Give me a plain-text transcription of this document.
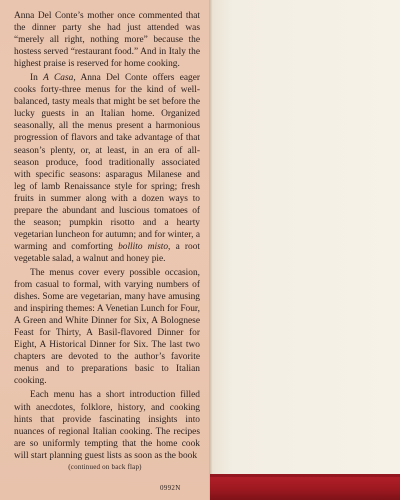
Anna Del Conte’s mother once commented that the dinner party she had just attended was “merely all right, nothing more” because the hostess served “restaurant food.” And in Italy the highest praise is reserved for home cooking.

In A Casa, Anna Del Conte offers eager cooks forty-three menus for the kind of well-balanced, tasty meals that might be set before the lucky guests in an Italian home. Organized seasonally, all the menus present a harmonious progression of flavors and take advantage of that season’s plenty, or, at least, in an era of all-season produce, food traditionally associated with specific seasons: asparagus Milanese and leg of lamb Renaissance style for spring; fresh fruits in summer along with a dozen ways to prepare the abundant and luscious tomatoes of the season; pumpkin risotto and a hearty vegetarian luncheon for autumn; and for winter, a warming and comforting bollito misto, a root vegetable salad, a walnut and honey pie.

The menus cover every possible occasion, from casual to formal, with varying numbers of dishes. Some are vegetarian, many have amusing and inspiring themes: A Venetian Lunch for Four, A Green and White Dinner for Six, A Bolognese Feast for Thirty, A Basil-flavored Dinner for Eight, A Historical Dinner for Six. The last two chapters are devoted to the author’s favorite menus and to preparations basic to Italian cooking.

Each menu has a short introduction filled with anecdotes, folklore, history, and cooking hints that provide fascinating insights into nuances of regional Italian cooking. The recipes are so uniformly tempting that the home cook will start planning guest lists as soon as the book

(continued on back flap)
0992N
